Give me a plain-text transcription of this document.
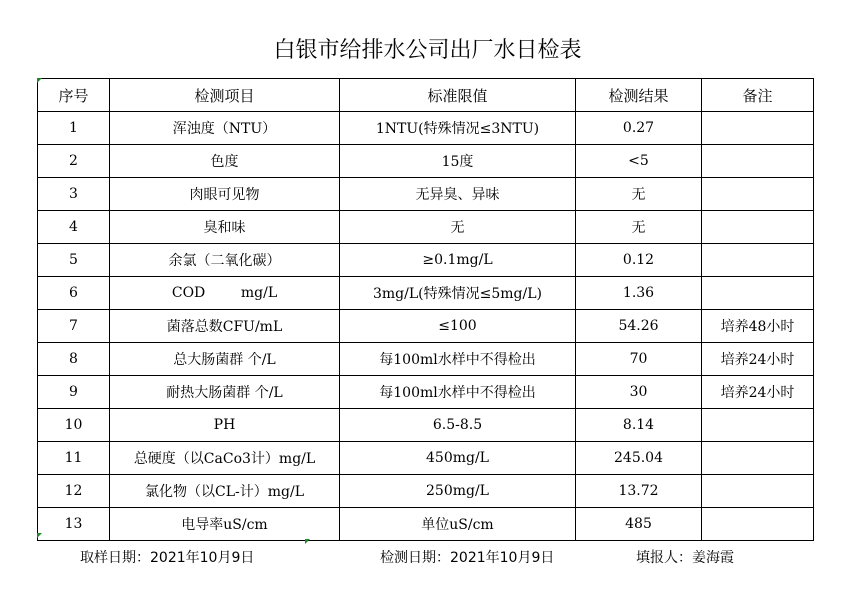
白银市给排水公司出厂水日检表
序号	检测项目	标准限值	检测结果	备注
1	浑浊度（NTU）	1NTU(特殊情况≤3NTU)	0.27	
2	色度	15度	<5	
3	肉眼可见物	无异臭、异味	无	
4	臭和味	无	无	
5	余氯（二氧化碳）	≥0.1mg/L	0.12	
6	COD        mg/L	3mg/L(特殊情况≤5mg/L)	1.36	
7	菌落总数CFU/mL	≤100	54.26	培养48小时
8	总大肠菌群 个/L	每100ml水样中不得检出	70	培养24小时
9	耐热大肠菌群 个/L	每100ml水样中不得检出	30	培养24小时
10	PH	6.5-8.5	8.14	
11	总硬度（以CaCo3计）mg/L	450mg/L	245.04	
12	氯化物（以CL-计）mg/L	250mg/L	13.72	
13	电导率uS/cm	单位uS/cm	485	
取样日期：2021年10月9日	检测日期：2021年10月9日	填报人：姜海霞
